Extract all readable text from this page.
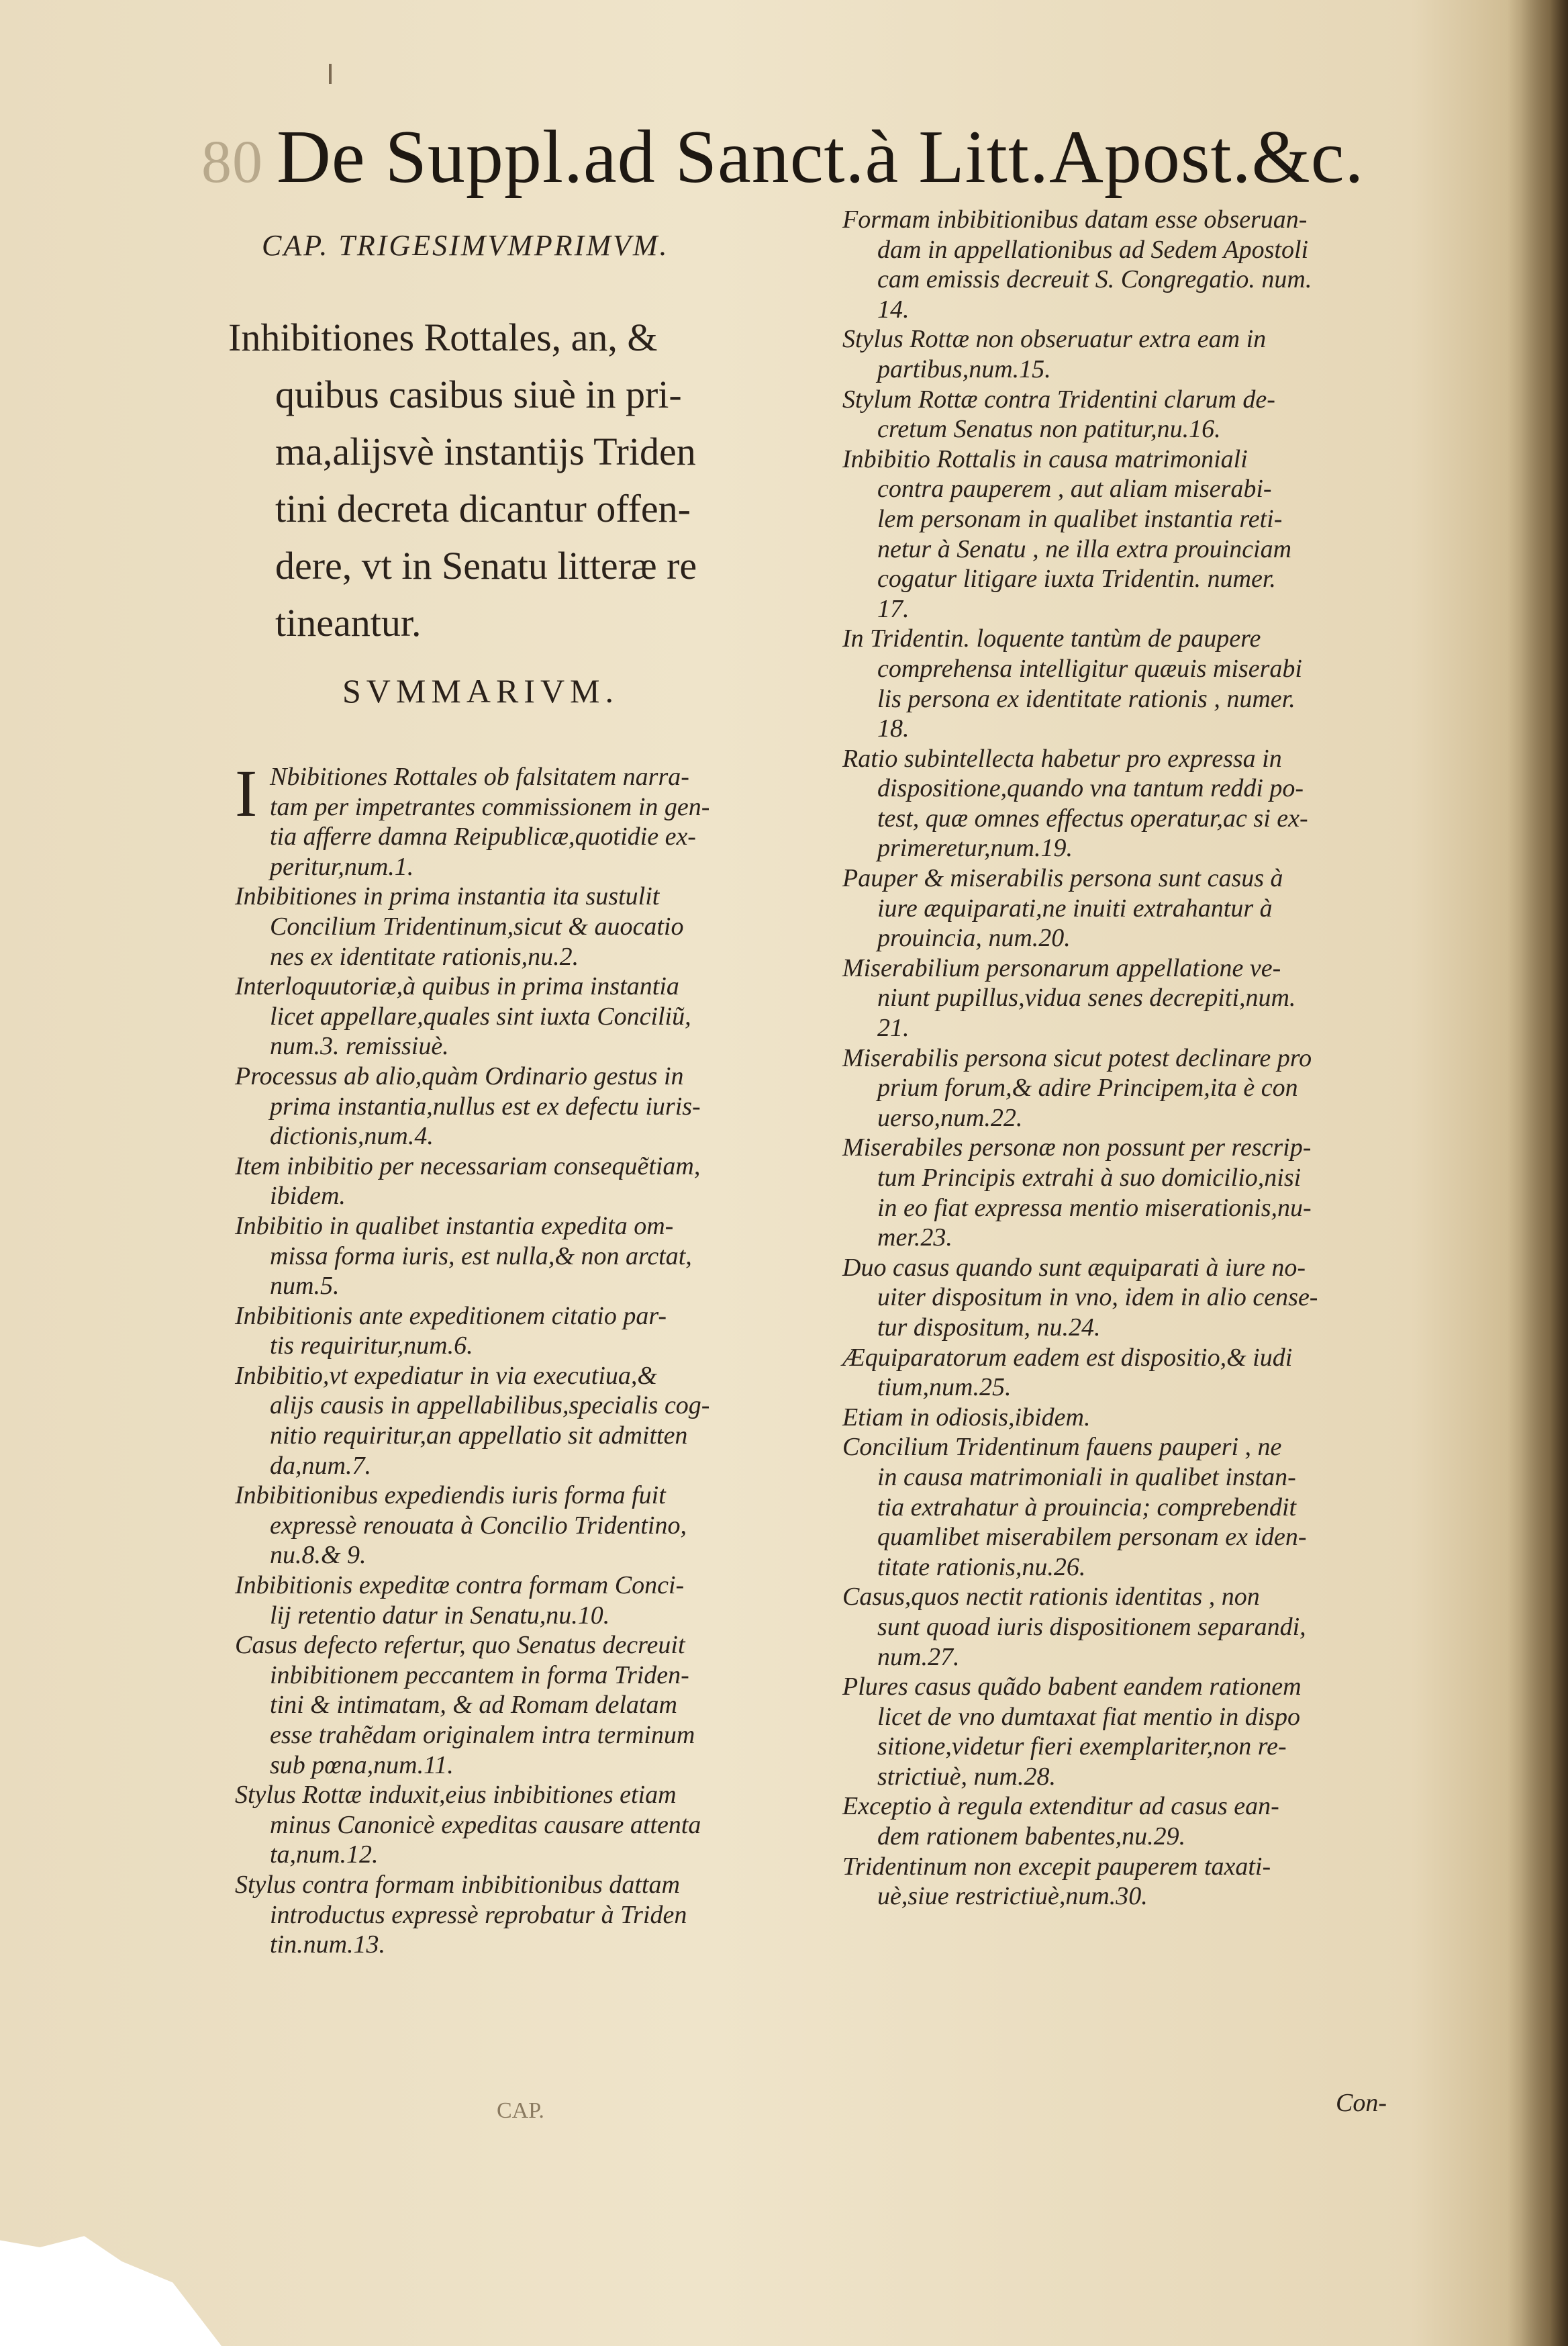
80 De Suppl.ad Sanct.à Litt.Apost.&c.
CAP. TRIGESIMVMPRIMVM.
Inhibitiones Rottales, an, &
quibus casibus siuè in pri-
ma,alijsvè instantijs Triden
tini decreta dicantur offen-
dere, vt in Senatu litteræ re
tineantur.
SVMMARIVM.
I Nbibitiones Rottales ob falsitatem narra-
tam per impetrantes commissionem in gen-
tia afferre damna Reipublicæ,quotidie ex-
peritur,num.1.
Inbibitiones in prima instantia ita sustulit
Concilium Tridentinum,sicut & auocatio
nes ex identitate rationis,nu.2.
Interloquutoriæ,à quibus in prima instantia
licet appellare,quales sint iuxta Conciliũ,
num.3. remissiuè.
Processus ab alio,quàm Ordinario gestus in
prima instantia,nullus est ex defectu iuris-
dictionis,num.4.
Item inbibitio per necessariam consequẽtiam,
ibidem.
Inbibitio in qualibet instantia expedita om-
missa forma iuris, est nulla,& non arctat,
num.5.
Inbibitionis ante expeditionem citatio par-
tis requiritur,num.6.
Inbibitio,vt expediatur in via executiua,&
alijs causis in appellabilibus,specialis cog-
nitio requiritur,an appellatio sit admitten
da,num.7.
Inbibitionibus expediendis iuris forma fuit
expressè renouata à Concilio Tridentino,
nu.8.& 9.
Inbibitionis expeditæ contra formam Conci-
lij retentio datur in Senatu,nu.10.
Casus defecto refertur, quo Senatus decreuit
inbibitionem peccantem in forma Triden-
tini & intimatam, & ad Romam delatam
esse trahẽdam originalem intra terminum
sub pœna,num.11.
Stylus Rottæ induxit,eius inbibitiones etiam
minus Canonicè expeditas causare attenta
ta,num.12.
Stylus contra formam inbibitionibus dattam
introductus expressè reprobatur à Triden
tin.num.13.
Formam inbibitionibus datam esse obseruan-
dam in appellationibus ad Sedem Apostoli
cam emissis decreuit S. Congregatio. num.
14.
Stylus Rottæ non obseruatur extra eam in
partibus,num.15.
Stylum Rottæ contra Tridentini clarum de-
cretum Senatus non patitur,nu.16.
Inbibitio Rottalis in causa matrimoniali
contra pauperem , aut aliam miserabi-
lem personam in qualibet instantia reti-
netur à Senatu , ne illa extra prouinciam
cogatur litigare iuxta Tridentin. numer.
17.
In Tridentin. loquente tantùm de paupere
comprehensa intelligitur quæuis miserabi
lis persona ex identitate rationis , numer.
18.
Ratio subintellecta habetur pro expressa in
dispositione,quando vna tantum reddi po-
test, quæ omnes effectus operatur,ac si ex-
primeretur,num.19.
Pauper & miserabilis persona sunt casus à
iure æquiparati,ne inuiti extrahantur à
prouincia, num.20.
Miserabilium personarum appellatione ve-
niunt pupillus,vidua senes decrepiti,num.
21.
Miserabilis persona sicut potest declinare pro
prium forum,& adire Principem,ita è con
uerso,num.22.
Miserabiles personæ non possunt per rescrip-
tum Principis extrahi à suo domicilio,nisi
in eo fiat expressa mentio miserationis,nu-
mer.23.
Duo casus quando sunt æquiparati à iure no-
uiter dispositum in vno, idem in alio cense-
tur dispositum, nu.24.
Æquiparatorum eadem est dispositio,& iudi
tium,num.25.
Etiam in odiosis,ibidem.
Concilium Tridentinum fauens pauperi , ne
in causa matrimoniali in qualibet instan-
tia extrahatur à prouincia; comprebendit
quamlibet miserabilem personam ex iden-
titate rationis,nu.26.
Casus,quos nectit rationis identitas , non
sunt quoad iuris dispositionem separandi,
num.27.
Plures casus quãdo babent eandem rationem
licet de vno dumtaxat fiat mentio in dispo
sitione,videtur fieri exemplariter,non re-
strictiuè, num.28.
Exceptio à regula extenditur ad casus ean-
dem rationem babentes,nu.29.
Tridentinum non excepit pauperem taxati-
uè,siue restrictiuè,num.30.
CAP.	Con-
